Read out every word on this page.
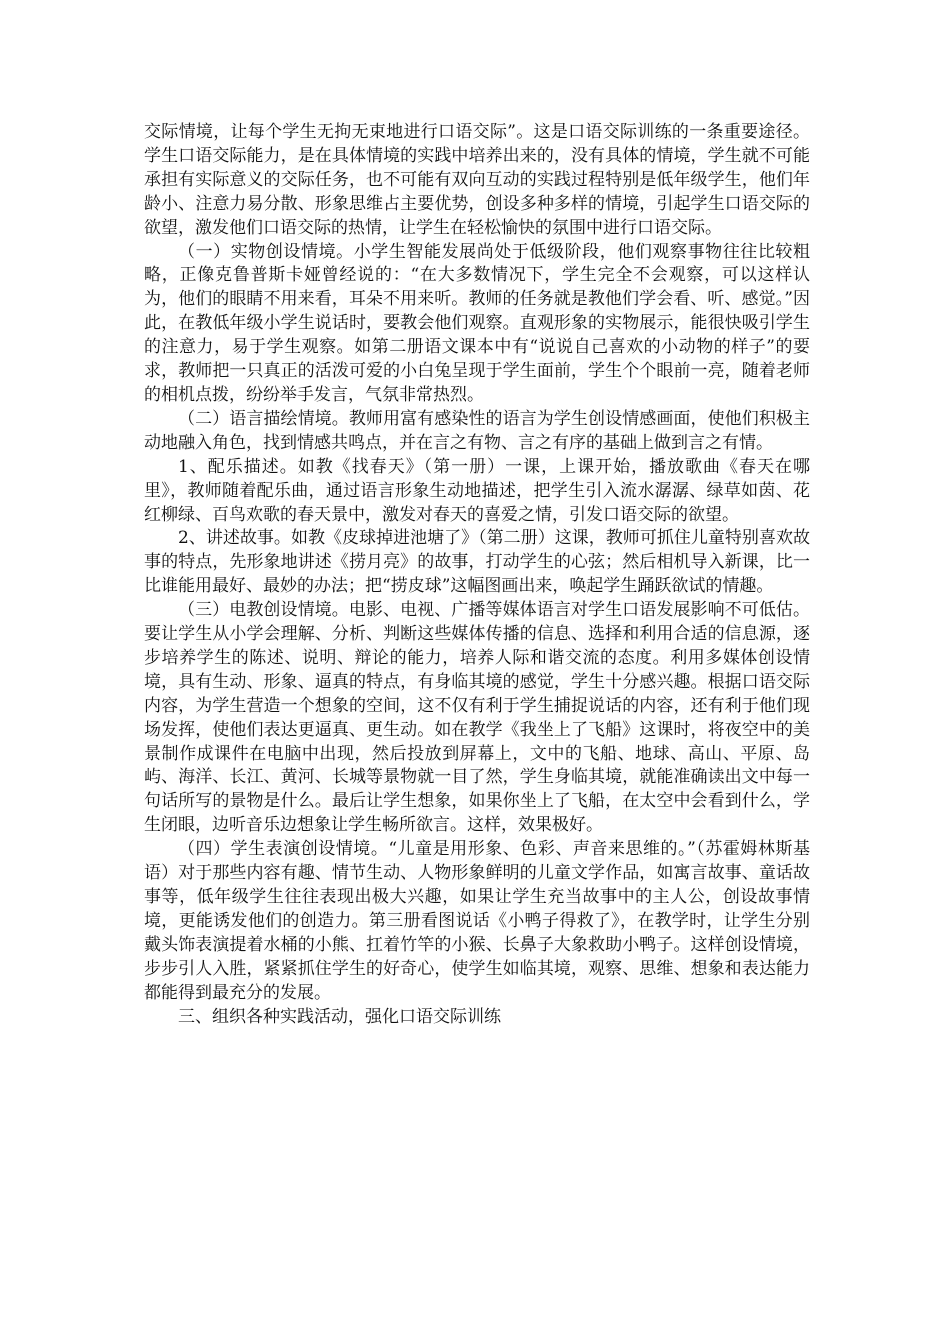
交际情境，让每个学生无拘无束地进行口语交际”。这是口语交际训练的一条重要途径。学生口语交际能力，是在具体情境的实践中培养出来的，没有具体的情境，学生就不可能承担有实际意义的交际任务，也不可能有双向互动的实践过程特别是低年级学生，他们年龄小、注意力易分散、形象思维占主要优势，创设多种多样的情境，引起学生口语交际的欲望，激发他们口语交际的热情，让学生在轻松愉快的氛围中进行口语交际。

（一）实物创设情境。小学生智能发展尚处于低级阶段，他们观察事物往往比较粗略，正像克鲁普斯卡娅曾经说的：“在大多数情况下，学生完全不会观察，可以这样认为，他们的眼睛不用来看，耳朵不用来听。教师的任务就是教他们学会看、听、感觉。”因此，在教低年级小学生说话时，要教会他们观察。直观形象的实物展示，能很快吸引学生的注意力，易于学生观察。如第二册语文课本中有“说说自己喜欢的小动物的样子”的要求，教师把一只真正的活泼可爱的小白兔呈现于学生面前，学生个个眼前一亮，随着老师的相机点拨，纷纷举手发言，气氛非常热烈。

（二）语言描绘情境。教师用富有感染性的语言为学生创设情感画面，使他们积极主动地融入角色，找到情感共鸣点，并在言之有物、言之有序的基础上做到言之有情。

1、配乐描述。如教《找春天》（第一册）一课，上课开始，播放歌曲《春天在哪里》，教师随着配乐曲，通过语言形象生动地描述，把学生引入流水潺潺、绿草如茵、花红柳绿、百鸟欢歌的春天景中，激发对春天的喜爱之情，引发口语交际的欲望。

2、讲述故事。如教《皮球掉进池塘了》（第二册）这课，教师可抓住儿童特别喜欢故事的特点，先形象地讲述《捞月亮》的故事，打动学生的心弦；然后相机导入新课，比一比谁能用最好、最妙的办法；把“捞皮球”这幅图画出来，唤起学生踊跃欲试的情趣。

（三）电教创设情境。电影、电视、广播等媒体语言对学生口语发展影响不可低估。要让学生从小学会理解、分析、判断这些媒体传播的信息、选择和利用合适的信息源，逐步培养学生的陈述、说明、辩论的能力，培养人际和谐交流的态度。利用多媒体创设情境，具有生动、形象、逼真的特点，有身临其境的感觉，学生十分感兴趣。根据口语交际内容，为学生营造一个想象的空间，这不仅有利于学生捕捉说话的内容，还有利于他们现场发挥，使他们表达更逼真、更生动。如在教学《我坐上了飞船》这课时，将夜空中的美景制作成课件在电脑中出现，然后投放到屏幕上，文中的飞船、地球、高山、平原、岛屿、海洋、长江、黄河、长城等景物就一目了然，学生身临其境，就能准确读出文中每一句话所写的景物是什么。最后让学生想象，如果你坐上了飞船，在太空中会看到什么，学生闭眼，边听音乐边想象让学生畅所欲言。这样，效果极好。

（四）学生表演创设情境。“儿童是用形象、色彩、声音来思维的。”（苏霍姆林斯基语）对于那些内容有趣、情节生动、人物形象鲜明的儿童文学作品，如寓言故事、童话故事等，低年级学生往往表现出极大兴趣，如果让学生充当故事中的主人公，创设故事情境，更能诱发他们的创造力。第三册看图说话《小鸭子得救了》，在教学时，让学生分别戴头饰表演提着水桶的小熊、扛着竹竿的小猴、长鼻子大象救助小鸭子。这样创设情境，步步引人入胜，紧紧抓住学生的好奇心，使学生如临其境，观察、思维、想象和表达能力都能得到最充分的发展。

三、组织各种实践活动，强化口语交际训练
